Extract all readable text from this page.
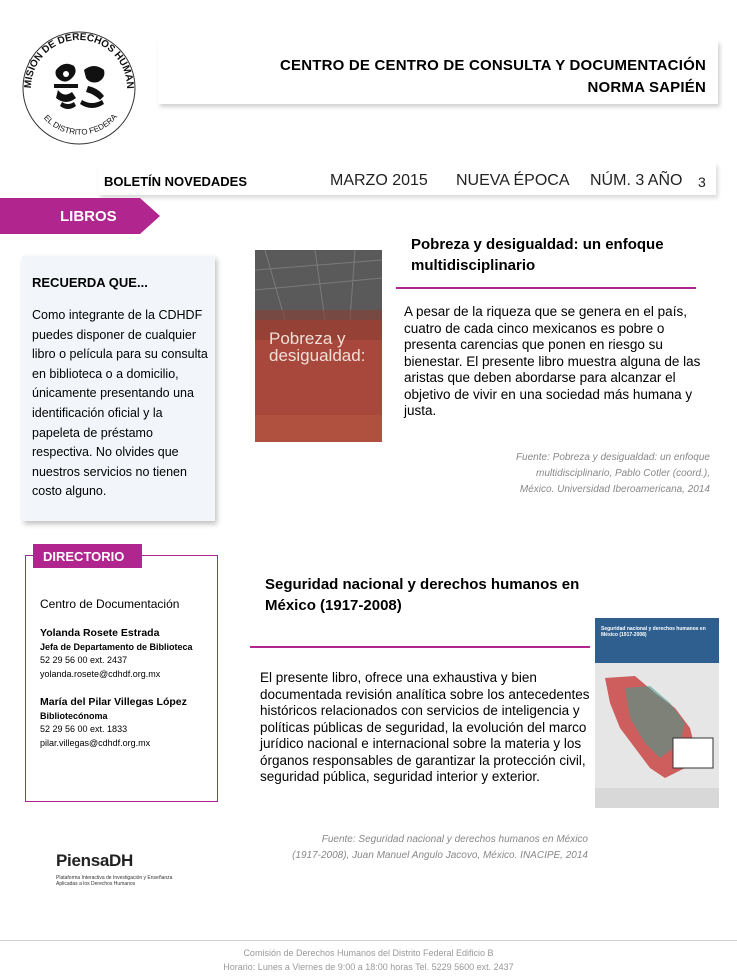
MISIÓN DE DERECHOS HUMAN
EL DISTRITO FEDERA
CENTRO DE CENTRO DE CONSULTA Y DOCUMENTACIÓN
NORMA SAPIÉN
BOLETÍN NOVEDADES	MARZO 2015 NUEVA ÉPOCA NÚM. 3 AÑO 3
LIBROS
RECUERDA QUE...
Como integrante de la CDHDF puedes disponer de cualquier libro o película para su consulta en biblioteca o a domicilio, únicamente presentando una identificación oficial y la papeleta de préstamo respectiva. No olvides que nuestros servicios no tienen costo alguno.
DIRECTORIO
Centro de Documentación
Yolanda Rosete Estrada
Jefa de Departamento de Biblioteca
52 29 56 00 ext. 2437
yolanda.rosete@cdhdf.org.mx
María del Pilar Villegas López
Bibliotecónoma
52 29 56 00 ext. 1833
pilar.villegas@cdhdf.org.mx
Pobreza y desigualdad:
Pobreza y desigualdad: un enfoque multidisciplinario
A pesar de la riqueza que se genera en el país, cuatro de cada cinco mexicanos es pobre o presenta carencias que ponen en riesgo su bienestar. El presente libro muestra alguna de las aristas que deben abordarse para alcanzar el objetivo de vivir en una sociedad más humana y justa.
Fuente: Pobreza y desigualdad: un enfoque
multidisciplinario, Pablo Cotler (coord.),
México. Universidad Iberoamericana, 2014
Seguridad nacional y derechos humanos en México (1917-2008)
El presente libro, ofrece una exhaustiva y bien documentada revisión analítica sobre los antecedentes históricos relacionados con servicios de inteligencia y políticas públicas de seguridad, la evolución del marco jurídico nacional e internacional sobre la materia y los órganos responsables de garantizar la protección civil, seguridad pública, seguridad interior y exterior.
Seguridad nacional y derechos humanos en México (1917-2008)
Fuente: Seguridad nacional y derechos humanos en México
(1917-2008), Juan Manuel Angulo Jacovo, México. INACIPE, 2014
PiensaDH
Plataforma Interactiva de Investigación y Enseñanza Aplicadas a los Derechos Humanos
Comisión de Derechos Humanos del Distrito Federal Edificio B
Horario: Lunes a Viernes de 9:00 a 18:00 horas Tel. 5229 5600 ext. 2437
